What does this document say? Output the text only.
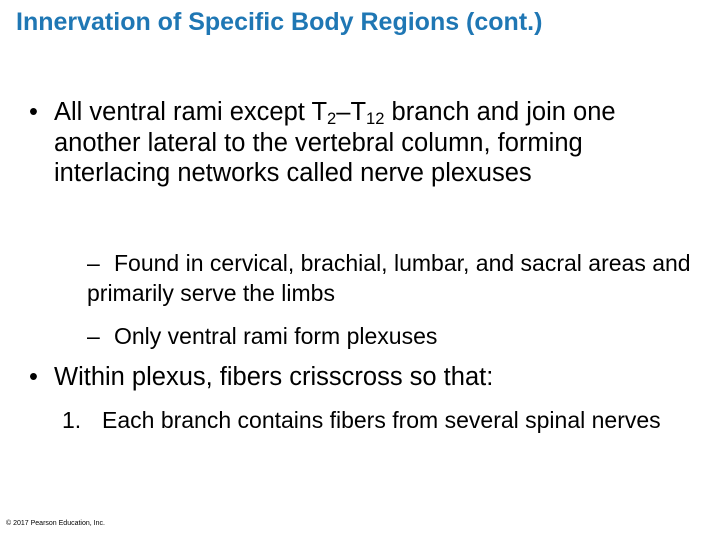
Innervation of Specific Body Regions (cont.)
• All ventral rami except $T_2-T_{12}$ branch and join one another lateral to the vertebral column, forming interlacing networks called nerve plexuses
– Found in cervical, brachial, lumbar, and sacral areas and primarily serve the limbs
– Only ventral rami form plexuses
• Within plexus, fibers crisscross so that:
1. Each branch contains fibers from several spinal nerves
© 2017 Pearson Education, Inc.
